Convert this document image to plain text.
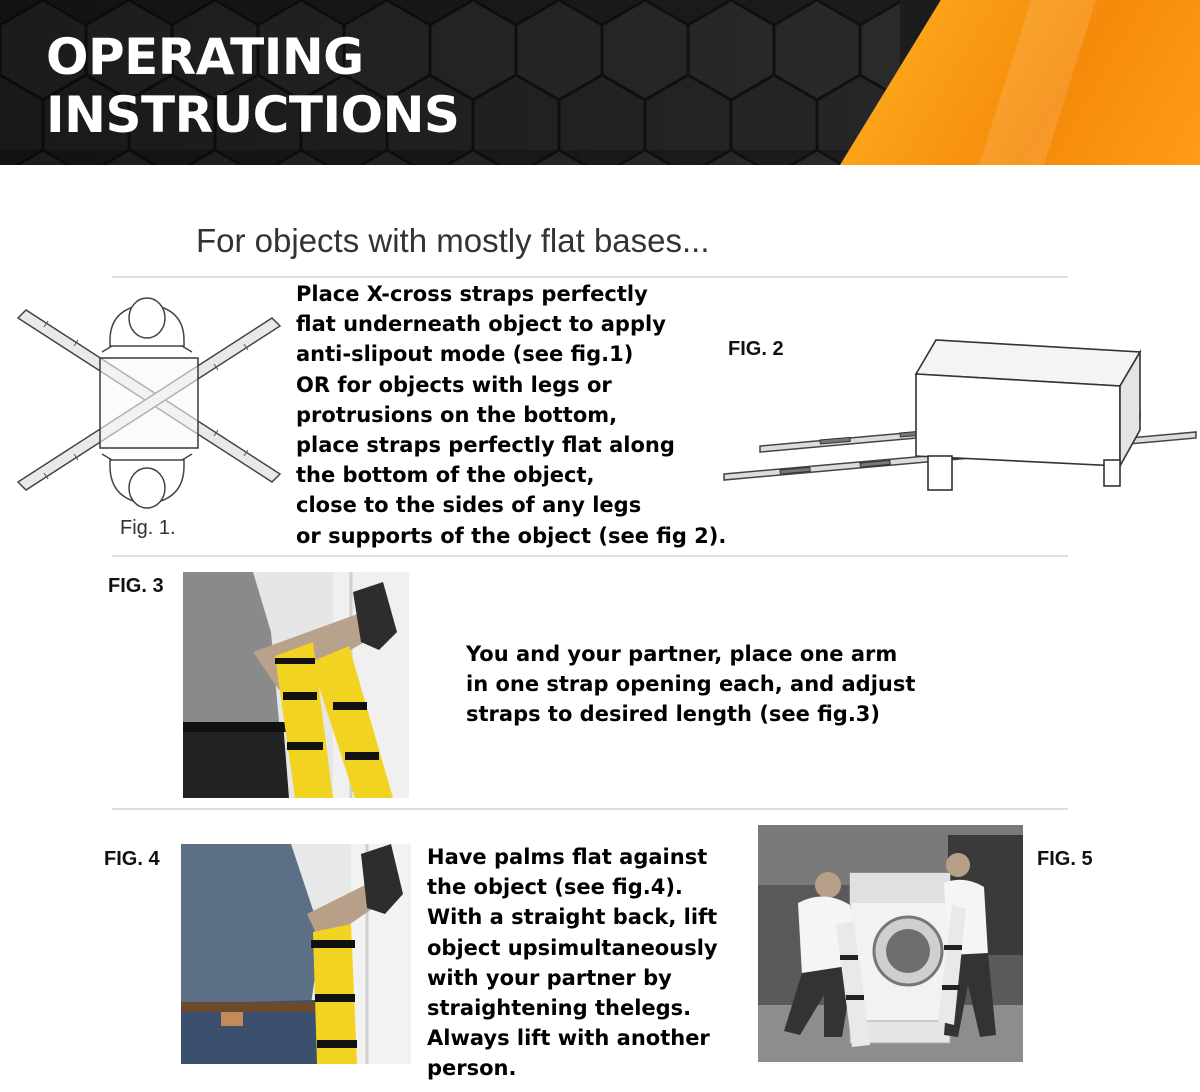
OPERATING
INSTRUCTIONS
For objects with mostly flat bases...

Fig. 1.

Place X-cross straps perfectly
flat underneath object to apply
anti-slipout mode (see fig.1)
OR for objects with legs or
protrusions on the bottom,
place straps perfectly flat along
the bottom of the object,
close to the sides of any legs
or supports of the object (see fig 2).

FIG. 2

FIG. 3

You and your partner, place one arm
in one strap opening each, and adjust
straps to desired length (see fig.3)

FIG. 4	Have palms flat against
the object (see fig.4).
With a straight back, lift
object upsimultaneously
with your partner by
straightening thelegs.
Always lift with another
person.

FIG. 5
